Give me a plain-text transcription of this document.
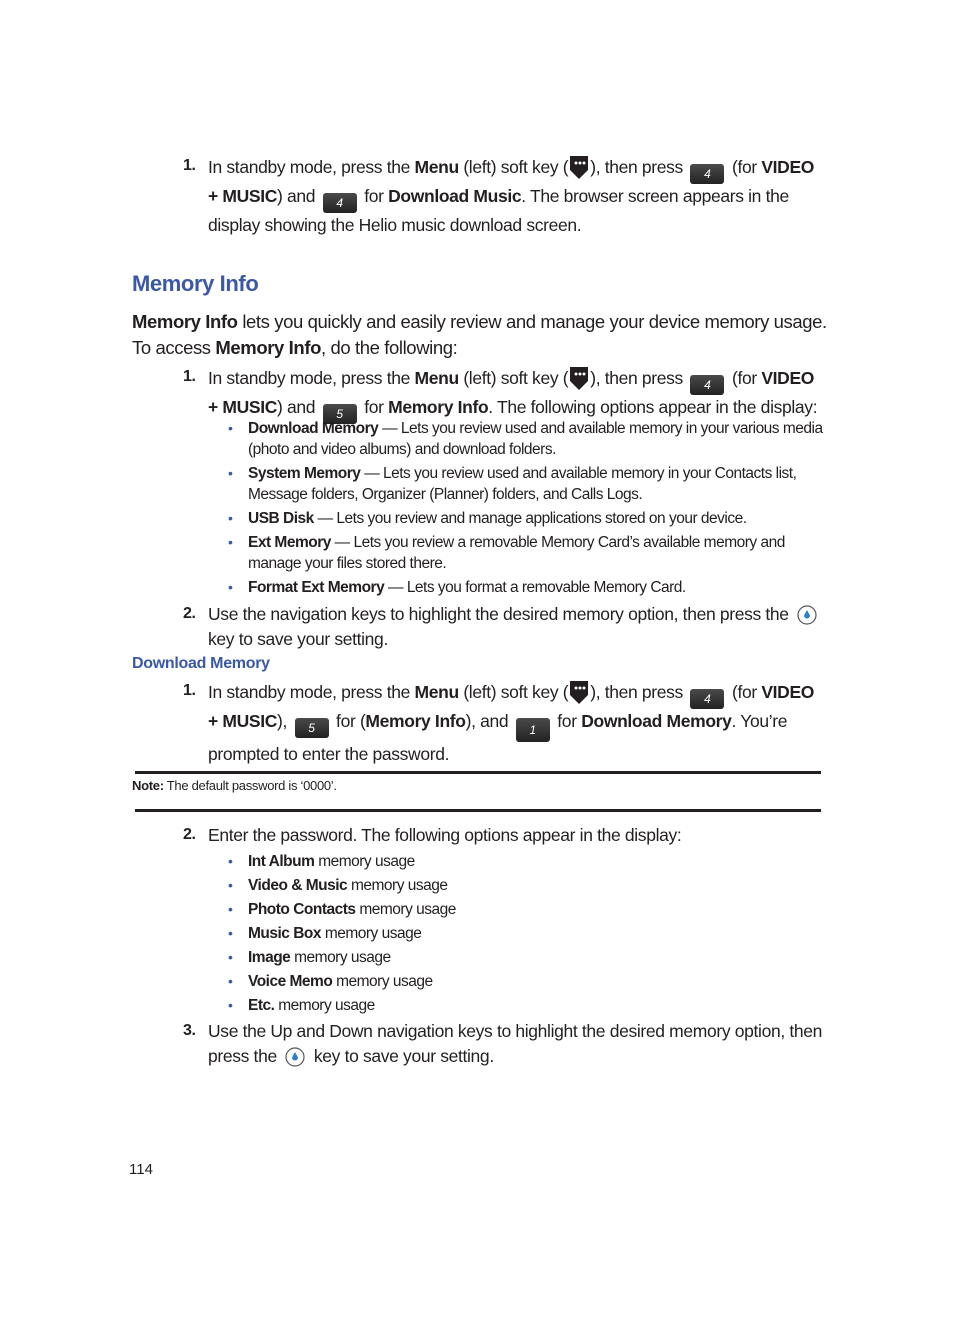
1. In standby mode, press the Menu (left) soft key ( ), then press 4 (for VIDEO + MUSIC) and 4 for Download Music. The browser screen appears in the display showing the Helio music download screen.
Memory Info
Memory Info lets you quickly and easily review and manage your device memory usage. To access Memory Info, do the following:
1. In standby mode, press the Menu (left) soft key ( ), then press 4 (for VIDEO + MUSIC) and 5 for Memory Info. The following options appear in the display:
• Download Memory — Lets you review used and available memory in your various media (photo and video albums) and download folders.
• System Memory — Lets you review used and available memory in your Contacts list, Message folders, Organizer (Planner) folders, and Calls Logs.
• USB Disk — Lets you review and manage applications stored on your device.
• Ext Memory — Lets you review a removable Memory Card’s available memory and manage your files stored there.
• Format Ext Memory — Lets you format a removable Memory Card.
2. Use the navigation keys to highlight the desired memory option, then press the  key to save your setting.
Download Memory
1. In standby mode, press the Menu (left) soft key ( ), then press 4 (for VIDEO + MUSIC), 5 for (Memory Info), and 1 for Download Memory. You’re prompted to enter the password.
Note: The default password is ‘0000’.
2. Enter the password. The following options appear in the display:
• Int Album memory usage
• Video & Music memory usage
• Photo Contacts memory usage
• Music Box memory usage
• Image memory usage
• Voice Memo memory usage
• Etc. memory usage
3. Use the Up and Down navigation keys to highlight the desired memory option, then press the  key to save your setting.
114
